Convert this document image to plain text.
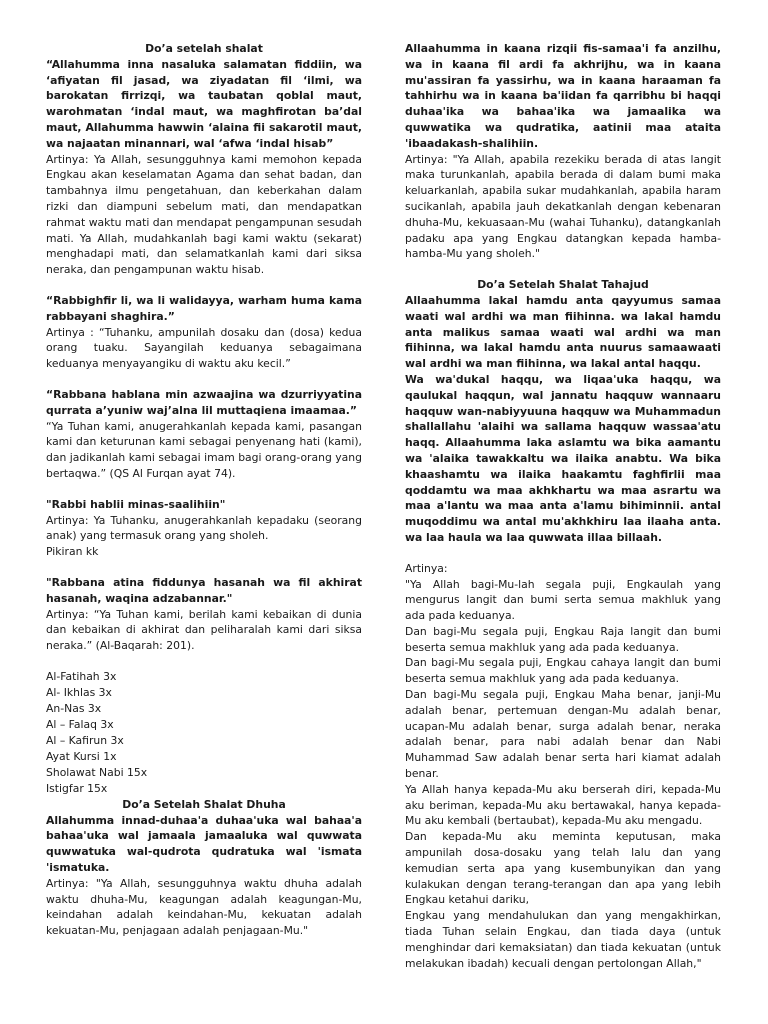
Do’a setelah shalat

“Allahumma inna nasaluka salamatan fiddiin, wa ‘afiyatan fil jasad, wa ziyadatan fil ‘ilmi, wa barokatan firrizqi, wa taubatan qoblal maut, warohmatan ‘indal maut, wa maghfirotan ba’dal maut, Allahumma hawwin ‘alaina fii sakarotil maut, wa najaatan minannari, wal ‘afwa ‘indal hisab”

Artinya: Ya Allah, sesungguhnya kami memohon kepada Engkau akan keselamatan Agama dan sehat badan, dan tambahnya ilmu pengetahuan, dan keberkahan dalam rizki dan diampuni sebelum mati, dan mendapatkan rahmat waktu mati dan mendapat pengampunan sesudah mati. Ya Allah, mudahkanlah bagi kami waktu (sekarat) menghadapi mati, dan selamatkanlah kami dari siksa neraka, dan pengampunan waktu hisab.

“Rabbighfir li, wa li walidayya, warham huma kama rabbayani shaghira.”

Artinya : “Tuhanku, ampunilah dosaku dan (dosa) kedua orang tuaku. Sayangilah keduanya sebagaimana keduanya menyayangiku di waktu aku kecil.”

“Rabbana hablana min azwaajina wa dzurriyyatina qurrata a’yuniw waj’alna lil muttaqiena imaamaa.”

“Ya Tuhan kami, anugerahkanlah kepada kami, pasangan kami dan keturunan kami sebagai penyenang hati (kami), dan jadikanlah kami sebagai imam bagi orang-orang yang bertaqwa.” (QS Al Furqan ayat 74).

"Rabbi hablii minas-saalihiin"

Artinya: Ya Tuhanku, anugerahkanlah kepadaku (seorang anak) yang termasuk orang yang sholeh.

Pikiran kk

"Rabbana atina fiddunya hasanah wa fil akhirat hasanah, waqina adzabannar."

Artinya: “Ya Tuhan kami, berilah kami kebaikan di dunia dan kebaikan di akhirat dan peliharalah kami dari siksa neraka.” (Al-Baqarah: 201).

Al-Fatihah 3x

Al- Ikhlas 3x

An-Nas 3x

Al – Falaq 3x

Al – Kafirun 3x

Ayat Kursi 1x

Sholawat Nabi 15x

Istigfar 15x

Do’a Setelah Shalat Dhuha

Allahumma innad-duhaa'a duhaa'uka wal bahaa'a bahaa'uka wal jamaala jamaaluka wal quwwata quwwatuka wal-qudrota qudratuka wal 'ismata 'ismatuka.

Artinya: "Ya Allah, sesungguhnya waktu dhuha adalah waktu dhuha-Mu, keagungan adalah keagungan-Mu, keindahan adalah keindahan-Mu, kekuatan adalah kekuatan-Mu, penjagaan adalah penjagaan-Mu."

Allaahumma in kaana rizqii fis-samaa'i fa anzilhu, wa in kaana fil ardi fa akhrijhu, wa in kaana mu'assiran fa yassirhu, wa in kaana haraaman fa tahhirhu wa in kaana ba'iidan fa qarribhu bi haqqi duhaa'ika wa bahaa'ika wa jamaalika wa quwwatika wa qudratika, aatinii maa ataita 'ibaadakash-shalihiin.

Artinya: "Ya Allah, apabila rezekiku berada di atas langit maka turunkanlah, apabila berada di dalam bumi maka keluarkanlah, apabila sukar mudahkanlah, apabila haram sucikanlah, apabila jauh dekatkanlah dengan kebenaran dhuha-Mu, kekuasaan-Mu (wahai Tuhanku), datangkanlah padaku apa yang Engkau datangkan kepada hamba-hamba-Mu yang sholeh."

Do’a Setelah Shalat Tahajud

Allaahumma lakal hamdu anta qayyumus samaa waati wal ardhi wa man fiihinna. wa lakal hamdu anta malikus samaa waati wal ardhi wa man fiihinna, wa lakal hamdu anta nuurus samaawaati wal ardhi wa man fiihinna, wa lakal antal haqqu.

Wa wa'dukal haqqu, wa liqaa'uka haqqu, wa qaulukal haqqun, wal jannatu haqquw wannaaru haqquw wan-nabiyyuuna haqquw wa Muhammadun shallallahu 'alaihi wa sallama haqquw wassaa'atu haqq. Allaahumma laka aslamtu wa bika aamantu wa 'alaika tawakkaltu wa ilaika anabtu. Wa bika khaashamtu wa ilaika haakamtu faghfirlii maa qoddamtu wa maa akhkhartu wa maa asrartu wa maa a'lantu wa maa anta a'lamu bihiminnii. antal muqoddimu wa antal mu'akhkhiru laa ilaaha anta. wa laa haula wa laa quwwata illaa billaah.

Artinya:

"Ya Allah bagi-Mu-lah segala puji, Engkaulah yang mengurus langit dan bumi serta semua makhluk yang ada pada keduanya.

Dan bagi-Mu segala puji, Engkau Raja langit dan bumi beserta semua makhluk yang ada pada keduanya.

Dan bagi-Mu segala puji, Engkau cahaya langit dan bumi beserta semua makhluk yang ada pada keduanya.

Dan bagi-Mu segala puji, Engkau Maha benar, janji-Mu adalah benar, pertemuan dengan-Mu adalah benar, ucapan-Mu adalah benar, surga adalah benar, neraka adalah benar, para nabi adalah benar dan Nabi Muhammad Saw adalah benar serta hari kiamat adalah benar.

Ya Allah hanya kepada-Mu aku berserah diri, kepada-Mu aku beriman, kepada-Mu aku bertawakal, hanya kepada-Mu aku kembali (bertaubat), kepada-Mu aku mengadu.

Dan kepada-Mu aku meminta keputusan, maka ampunilah dosa-dosaku yang telah lalu dan yang kemudian serta apa yang kusembunyikan dan yang kulakukan dengan terang-terangan dan apa yang lebih Engkau ketahui dariku,

Engkau yang mendahulukan dan yang mengakhirkan, tiada Tuhan selain Engkau, dan tiada daya (untuk menghindar dari kemaksiatan) dan tiada kekuatan (untuk melakukan ibadah) kecuali dengan pertolongan Allah,"
